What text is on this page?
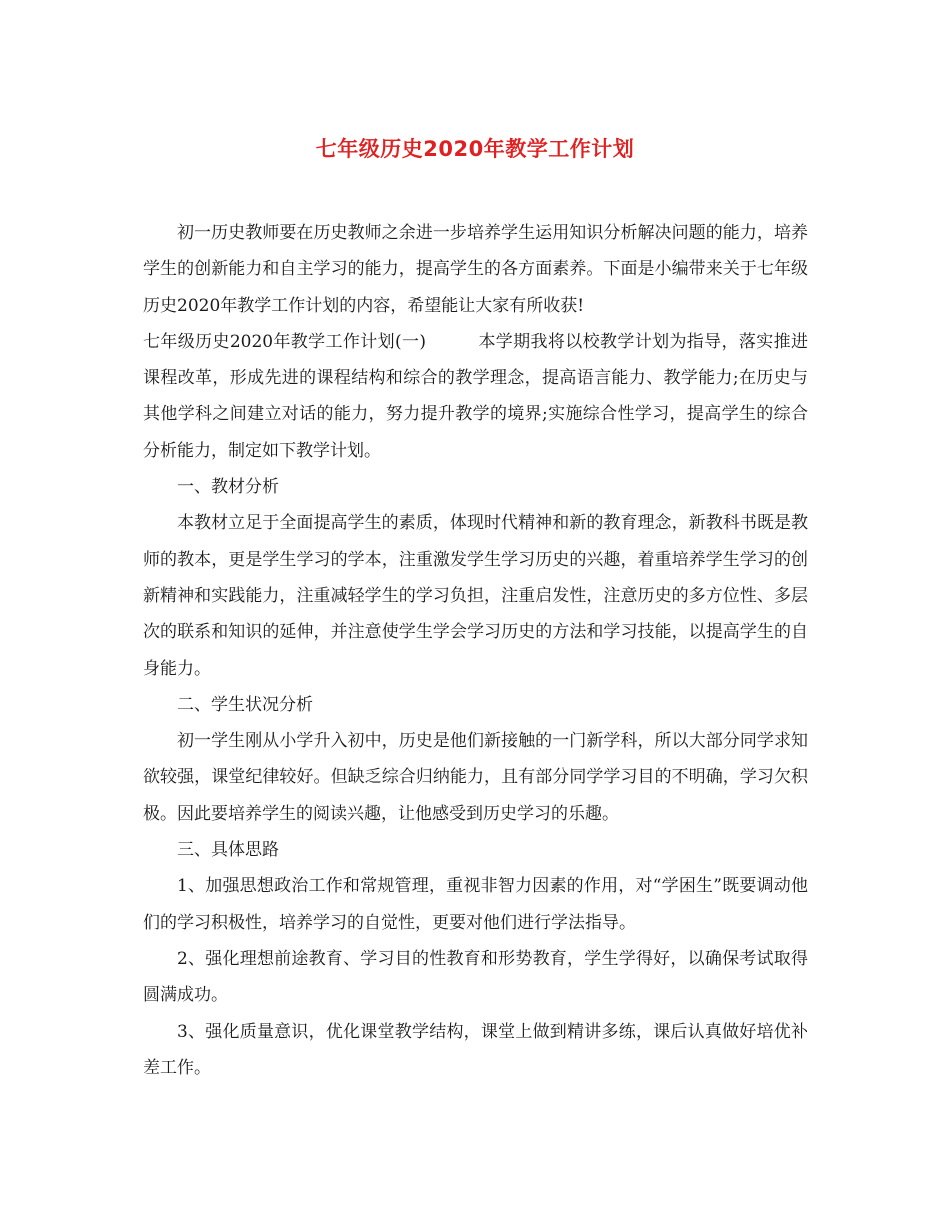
七年级历史2020年教学工作计划

初一历史教师要在历史教师之余进一步培养学生运用知识分析解决问题的能力，培养学生的创新能力和自主学习的能力，提高学生的各方面素养。下面是小编带来关于七年级历史2020年教学工作计划的内容，希望能让大家有所收获!

七年级历史2020年教学工作计划(一)　　　本学期我将以校教学计划为指导，落实推进课程改革，形成先进的课程结构和综合的教学理念，提高语言能力、教学能力;在历史与其他学科之间建立对话的能力，努力提升教学的境界;实施综合性学习，提高学生的综合分析能力，制定如下教学计划。

一、教材分析

本教材立足于全面提高学生的素质，体现时代精神和新的教育理念，新教科书既是教师的教本，更是学生学习的学本，注重激发学生学习历史的兴趣，着重培养学生学习的创新精神和实践能力，注重减轻学生的学习负担，注重启发性，注意历史的多方位性、多层次的联系和知识的延伸，并注意使学生学会学习历史的方法和学习技能，以提高学生的自身能力。

二、学生状况分析

初一学生刚从小学升入初中，历史是他们新接触的一门新学科，所以大部分同学求知欲较强，课堂纪律较好。但缺乏综合归纳能力，且有部分同学学习目的不明确，学习欠积极。因此要培养学生的阅读兴趣，让他感受到历史学习的乐趣。

三、具体思路

1、加强思想政治工作和常规管理，重视非智力因素的作用，对“学困生”既要调动他们的学习积极性，培养学习的自觉性，更要对他们进行学法指导。

2、强化理想前途教育、学习目的性教育和形势教育，学生学得好，以确保考试取得圆满成功。

3、强化质量意识，优化课堂教学结构，课堂上做到精讲多练，课后认真做好培优补差工作。
